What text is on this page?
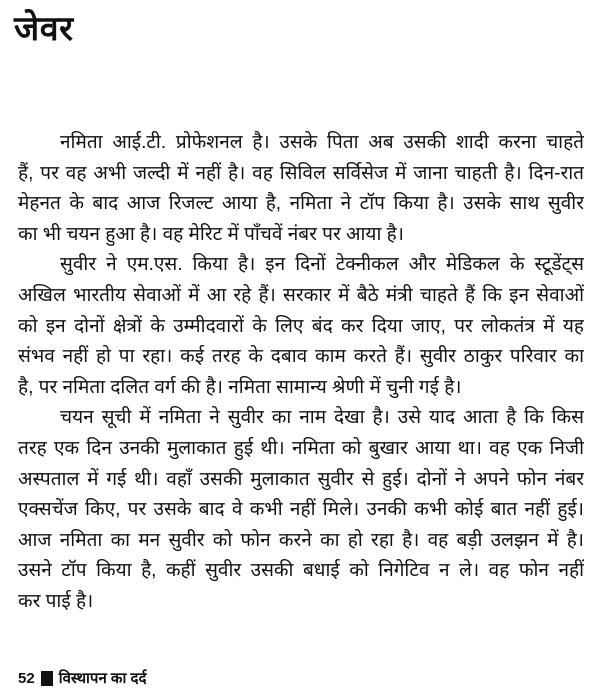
जेवर
नमिता आई.टी. प्रोफेशनल है। उसके पिता अब उसकी शादी करना चाहते
हैं, पर वह अभी जल्दी में नहीं है। वह सिविल सर्विसेज में जाना चाहती है। दिन-रात
मेहनत के बाद आज रिजल्ट आया है, नमिता ने टॉप किया है। उसके साथ सुवीर
का भी चयन हुआ है। वह मेरिट में पाँचवें नंबर पर आया है।
सुवीर ने एम.एस. किया है। इन दिनों टेक्नीकल और मेडिकल के स्टूडेंट्स
अखिल भारतीय सेवाओं में आ रहे हैं। सरकार में बैठे मंत्री चाहते हैं कि इन सेवाओं
को इन दोनों क्षेत्रों के उम्मीदवारों के लिए बंद कर दिया जाए, पर लोकतंत्र में यह
संभव नहीं हो पा रहा। कई तरह के दबाव काम करते हैं। सुवीर ठाकुर परिवार का
है, पर नमिता दलित वर्ग की है। नमिता सामान्य श्रेणी में चुनी गई है।
चयन सूची में नमिता ने सुवीर का नाम देखा है। उसे याद आता है कि किस
तरह एक दिन उनकी मुलाकात हुई थी। नमिता को बुखार आया था। वह एक निजी
अस्पताल में गई थी। वहाँ उसकी मुलाकात सुवीर से हुई। दोनों ने अपने फोन नंबर
एक्सचेंज किए, पर उसके बाद वे कभी नहीं मिले। उनकी कभी कोई बात नहीं हुई।
आज नमिता का मन सुवीर को फोन करने का हो रहा है। वह बड़ी उलझन में है।
उसने टॉप किया है, कहीं सुवीर उसकी बधाई को निगेटिव न ले। वह फोन नहीं
कर पाई है।
52 विस्थापन का दर्द
